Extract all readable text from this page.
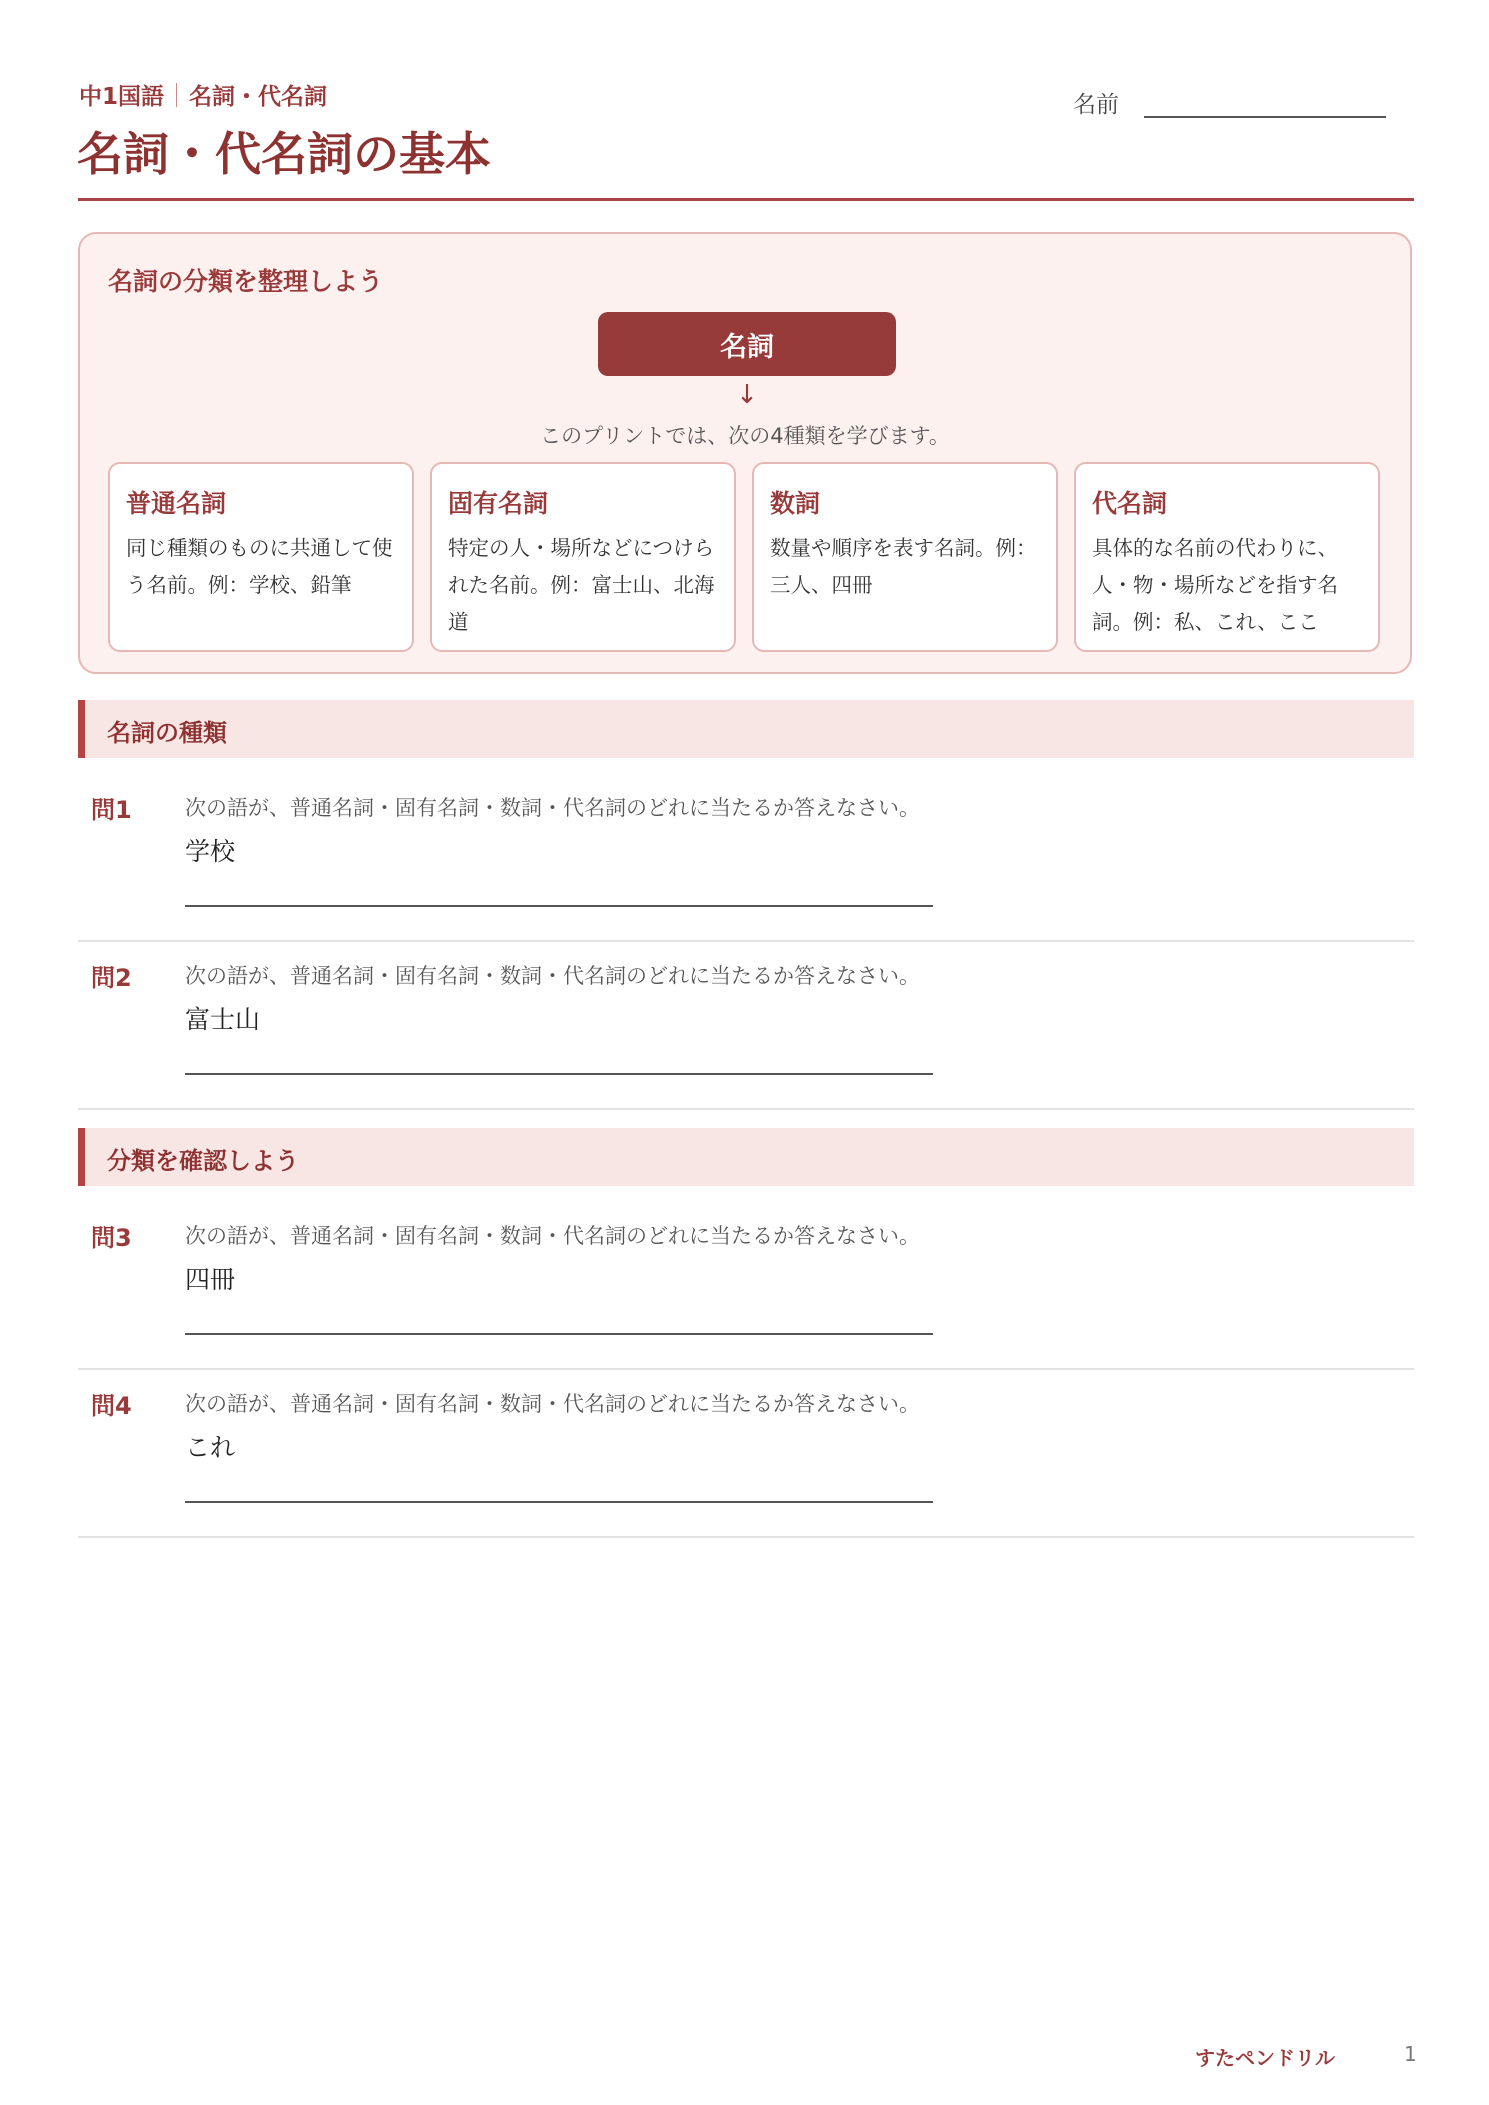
中1国語 名詞・代名詞
名詞・代名詞の基本
名前
名詞の分類を整理しよう
名詞
↓
このプリントでは、次の4種類を学びます。
普通名詞
同じ種類のものに共通して使う名前。例：学校、鉛筆
固有名詞
特定の人・場所などにつけられた名前。例：富士山、北海道
数詞
数量や順序を表す名詞。例：三人、四冊
代名詞
具体的な名前の代わりに、人・物・場所などを指す名詞。例：私、これ、ここ
名詞の種類
問1	次の語が、普通名詞・固有名詞・数詞・代名詞のどれに当たるか答えなさい。
学校
問2	次の語が、普通名詞・固有名詞・数詞・代名詞のどれに当たるか答えなさい。
富士山
分類を確認しよう
問3	次の語が、普通名詞・固有名詞・数詞・代名詞のどれに当たるか答えなさい。
四冊
問4	次の語が、普通名詞・固有名詞・数詞・代名詞のどれに当たるか答えなさい。
これ
すたペンドリル	1
